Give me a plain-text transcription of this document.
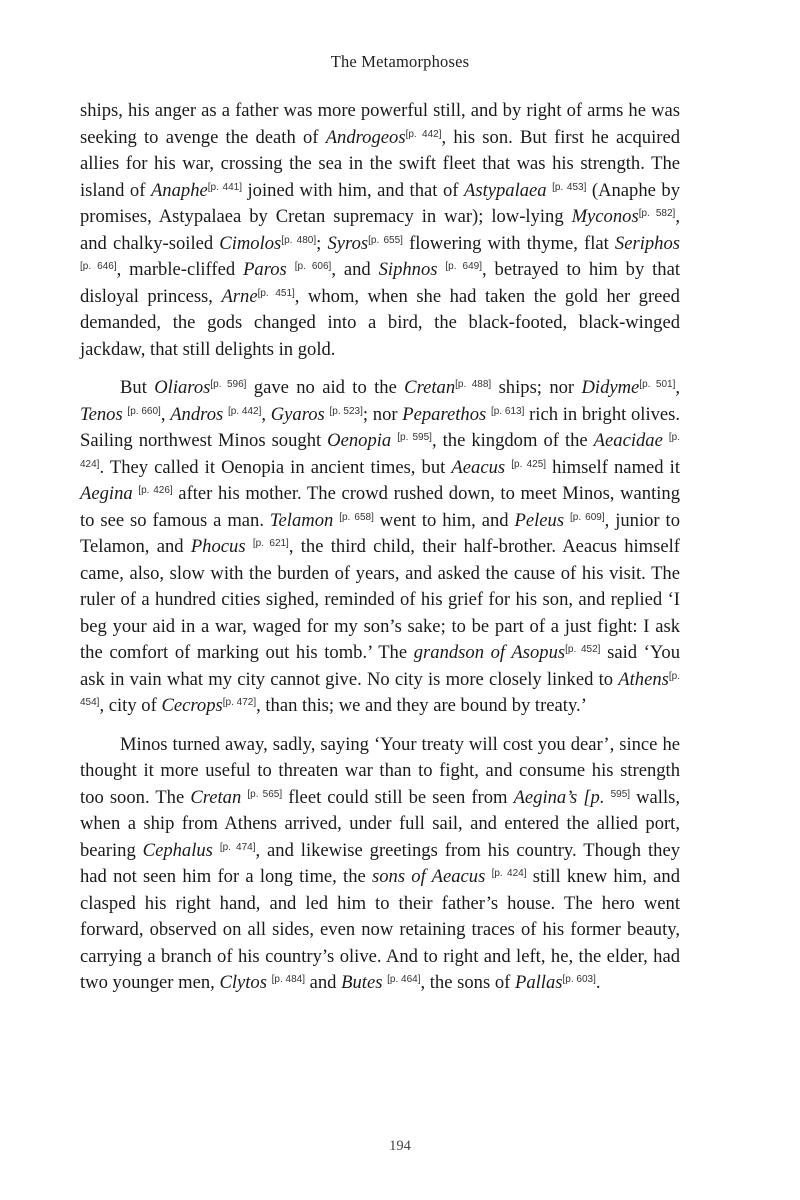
The Metamorphoses

ships, his anger as a father was more powerful still, and by right of arms he was seeking to avenge the death of Androgeos[p. 442], his son. But first he acquired allies for his war, crossing the sea in the swift fleet that was his strength. The island of Anaphe[p. 441] joined with him, and that of Astypalaea [p. 453] (Anaphe by promises, Astypalaea by Cretan supremacy in war); low-lying Myconos[p. 582], and chalky-soiled Cimolos[p. 480]; Syros[p. 655] flowering with thyme, flat Seriphos [p. 646], marble-cliffed Paros [p. 606], and Siphnos [p. 649], betrayed to him by that disloyal princess, Arne[p. 451], whom, when she had taken the gold her greed demanded, the gods changed into a bird, the black-footed, black-winged jackdaw, that still delights in gold.

But Oliaros[p. 596] gave no aid to the Cretan[p. 488] ships; nor Didyme[p. 501], Tenos [p. 660], Andros [p. 442], Gyaros [p. 523]; nor Peparethos [p. 613] rich in bright olives. Sailing northwest Minos sought Oenopia [p. 595], the kingdom of the Aeacidae [p. 424]. They called it Oenopia in ancient times, but Aeacus [p. 425] himself named it Aegina [p. 426] after his mother. The crowd rushed down, to meet Minos, wanting to see so famous a man. Telamon [p. 658] went to him, and Peleus [p. 609], junior to Telamon, and Phocus [p. 621], the third child, their half-brother. Aeacus himself came, also, slow with the burden of years, and asked the cause of his visit. The ruler of a hundred cities sighed, reminded of his grief for his son, and replied ‘I beg your aid in a war, waged for my son’s sake; to be part of a just fight: I ask the comfort of marking out his tomb.’ The grandson of Asopus[p. 452] said ‘You ask in vain what my city cannot give. No city is more closely linked to Athens[p. 454], city of Cecrops[p. 472], than this; we and they are bound by treaty.’

Minos turned away, sadly, saying ‘Your treaty will cost you dear’, since he thought it more useful to threaten war than to fight, and consume his strength too soon. The Cretan [p. 565] fleet could still be seen from Aegina’s [p. $^{595]}$ walls, when a ship from Athens arrived, under full sail, and entered the allied port, bearing Cephalus [p. 474], and likewise greetings from his country. Though they had not seen him for a long time, the sons of Aeacus [p. 424] still knew him, and clasped his right hand, and led him to their father’s house. The hero went forward, observed on all sides, even now retaining traces of his former beauty, carrying a branch of his country’s olive. And to right and left, he, the elder, had two younger men, Clytos [p. 484] and Butes [p. 464], the sons of Pallas[p. 603].

194
